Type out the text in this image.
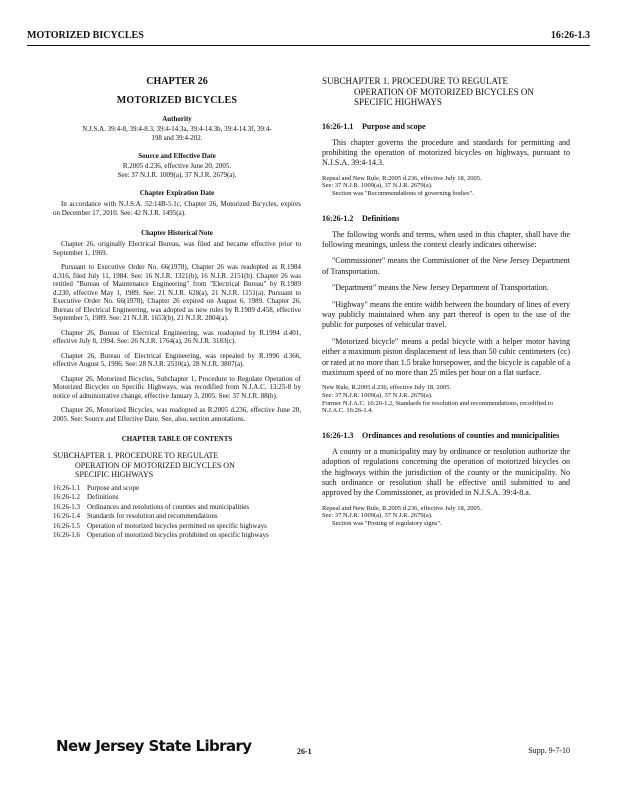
MOTORIZED BICYCLES	16:26-1.3
CHAPTER 26
MOTORIZED BICYCLES
Authority
N.J.S.A. 39:4-8, 39:4-8.3, 39:4-14.3a, 39:4-14.3b, 39:4-14.3f, 39:4-198 and 39:4-202.
Source and Effective Date
R.2005 d.236, effective June 20, 2005.
See: 37 N.J.R. 1009(a), 37 N.J.R. 2679(a).
Chapter Expiration Date

In accordance with N.J.S.A. 52:14B-5.1c, Chapter 26, Motorized Bicycles, expires on December 17, 2010. See: 42 N.J.R. 1495(a).

Chapter Historical Note

Chapter 26, originally Electrical Bureau, was filed and became effective prior to September 1, 1969.

Pursuant to Executive Order No. 66(1978), Chapter 26 was readopted as R.1984 d.316, filed July 11, 1984. See: 16 N.J.R. 1321(b), 16 N.J.R. 2151(b). Chapter 26 was retitled "Bureau of Maintenance Engineering" from "Electrical Bureau" by R.1989 d.230, effective May 1, 1989. See: 21 N.J.R. 628(a), 21 N.J.R. 1151(a). Pursuant to Executive Order No. 66(1978), Chapter 26 expired on August 6, 1989. Chapter 26, Bureau of Electrical Engineering, was adopted as new rules by R.1989 d.458, effective September 5, 1989. See: 21 N.J.R. 1653(b), 21 N.J.R. 2804(a).

Chapter 26, Bureau of Electrical Engineering, was readopted by R.1994 d.401, effective July 8, 1994. See: 26 N.J.R. 1764(a), 26 N.J.R. 3183(c).

Chapter 26, Bureau of Electrical Engineering, was repealed by R.1996 d.366, effective August 5, 1996. See: 28 N.J.R. 2510(a), 28 N.J.R. 3807(a).

Chapter 26, Motorized Bicycles, Subchapter 1, Procedure to Regulate Operation of Motorized Bicycles on Specific Highways, was recodified from N.J.A.C. 13:25-8 by notice of administrative change, effective January 3, 2005. See: 37 N.J.R. 88(b).

Chapter 26, Motorized Bicycles, was readopted as R.2005 d.236, effective June 20, 2005. See: Source and Effective Date. See, also, section annotations.

CHAPTER TABLE OF CONTENTS
SUBCHAPTER 1. PROCEDURE TO REGULATE
OPERATION OF MOTORIZED BICYCLES ON
SPECIFIC HIGHWAYS
16:26-1.1 Purpose and scope
16:26-1.2 Definitions
16:26-1.3 Ordinances and resolutions of counties and municipalities
16:26-1.4 Standards for resolution and recommendations
16:26-1.5 Operation of motorized bicycles permitted on specific highways
16:26-1.6 Operation of motorized bicycles prohibited on specific highways
SUBCHAPTER 1. PROCEDURE TO REGULATE
OPERATION OF MOTORIZED BICYCLES ON
SPECIFIC HIGHWAYS
16:26-1.1 Purpose and scope

This chapter governs the procedure and standards for permitting and prohibiting the operation of motorized bicycles on highways, pursuant to N.J.S.A. 39:4-14.3.

Repeal and New Rule, R.2005 d.236, effective July 18, 2005.
See: 37 N.J.R. 1009(a), 37 N.J.R. 2679(a).
Section was "Recommendations of governing bodies".
16:26-1.2 Definitions

The following words and terms, when used in this chapter, shall have the following meanings, unless the context clearly indicates otherwise:

"Commissioner" means the Commissioner of the New Jersey Department of Transportation.

"Department" means the New Jersey Department of Transportation.

"Highway" means the entire width between the boundary of lines of every way publicly maintained when any part thereof is open to the use of the public for purposes of vehicular travel.

"Motorized bicycle" means a pedal bicycle with a helper motor having either a maximum piston displacement of less than 50 cubic centimeters (cc) or rated at no more than 1.5 brake horsepower, and the bicycle is capable of a maximum speed of no more than 25 miles per hour on a flat surface.

New Rule, R.2005 d.236, effective July 18, 2005.
See: 37 N.J.R. 1009(a), 37 N.J.R. 2679(a).
Former N.J.A.C. 16:26-1.2, Standards for resolution and recommendations, recodified to N.J.A.C. 16:26-1.4.
16:26-1.3 Ordinances and resolutions of counties and municipalities

A county or a municipality may by ordinance or resolution authorize the adoption of regulations concerning the operation of motorized bicycles on the highways within the jurisdiction of the county or the municipality. No such ordinance or resolution shall be effective until submitted to and approved by the Commissioner, as provided in N.J.S.A. 39:4-8.a.

Repeal and New Rule, R.2005 d.236, effective July 18, 2005.
See: 37 N.J.R. 1009(a), 37 N.J.R. 2679(a).
Section was "Posting of regulatory signs".
New Jersey State Library	26-1	Supp. 9-7-10
